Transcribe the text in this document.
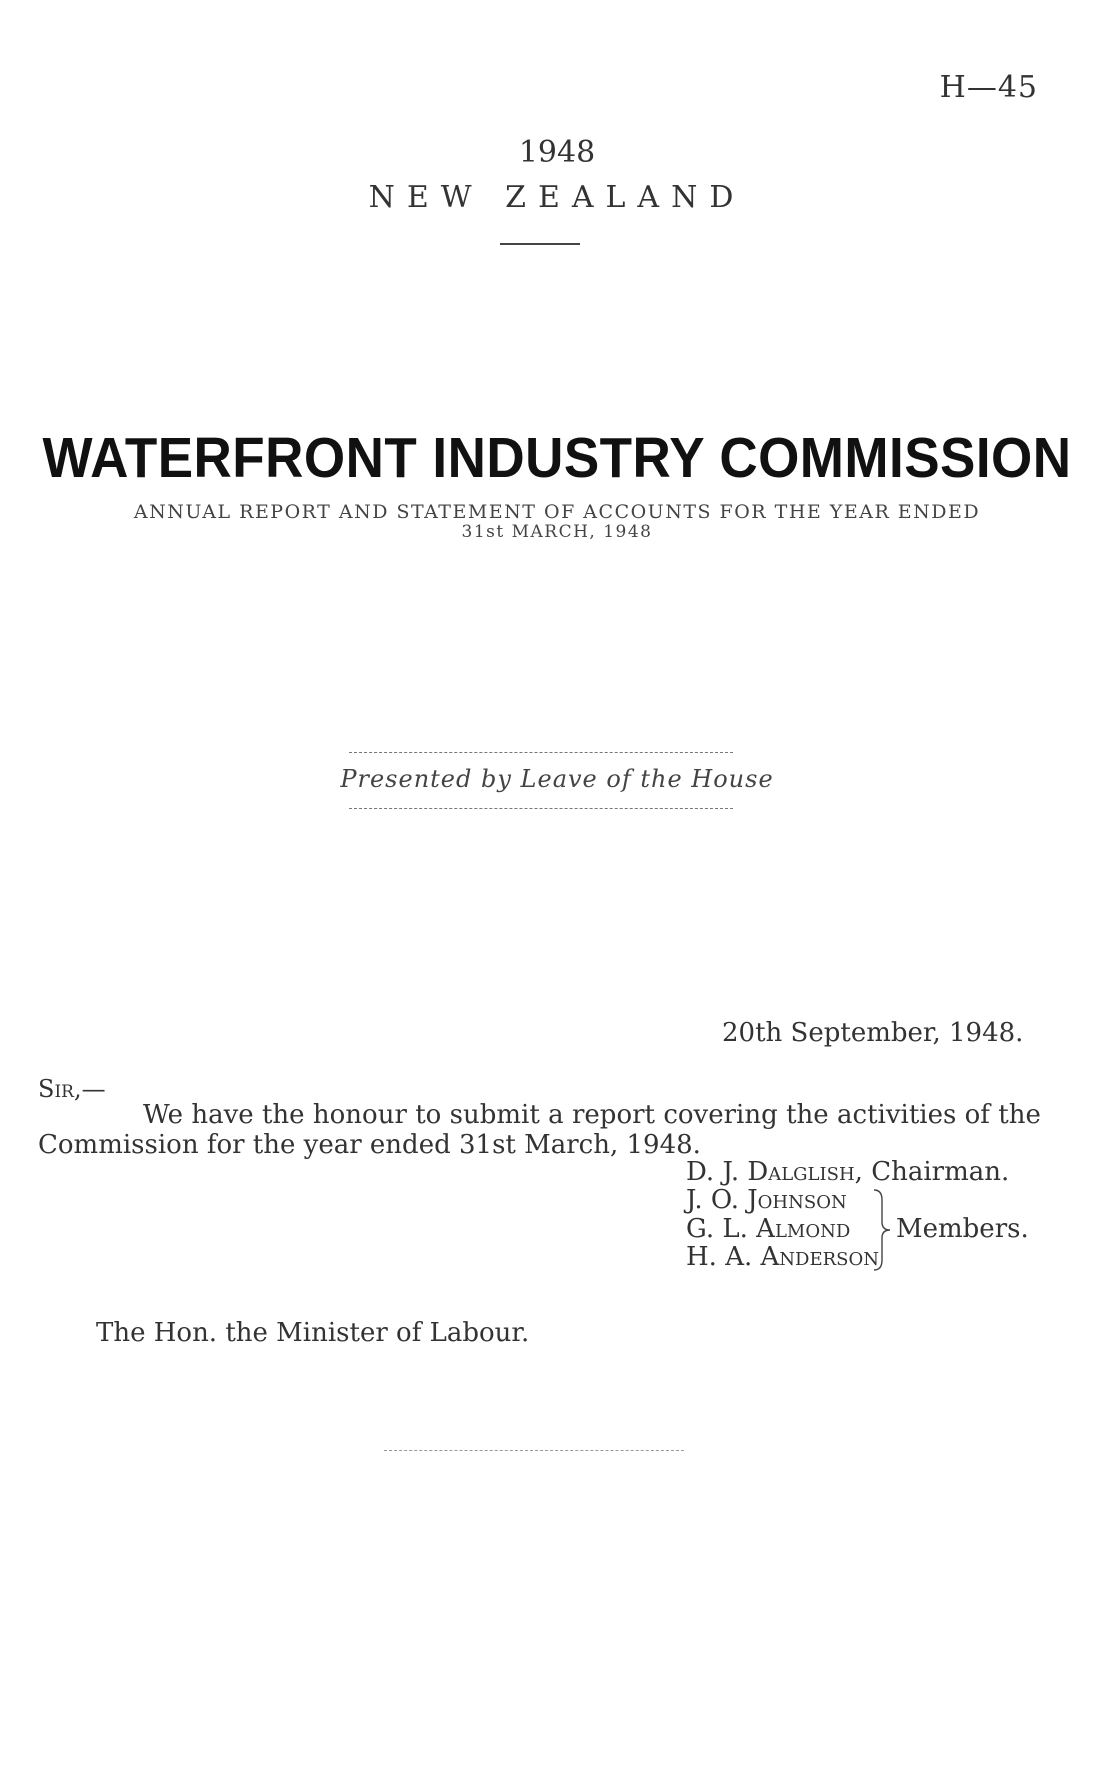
H—45
1948
NEW ZEALAND
WATERFRONT INDUSTRY COMMISSION
ANNUAL REPORT AND STATEMENT OF ACCOUNTS FOR THE YEAR ENDED
31st MARCH, 1948
Presented by Leave of the House
20th September, 1948.
Sir,—
We have the honour to submit a report covering the activities of the
Commission for the year ended 31st March, 1948.
D. J. Dalglish, Chairman.
J. O. Johnson
G. L. Almond
H. A. Anderson
Members.
The Hon. the Minister of Labour.
